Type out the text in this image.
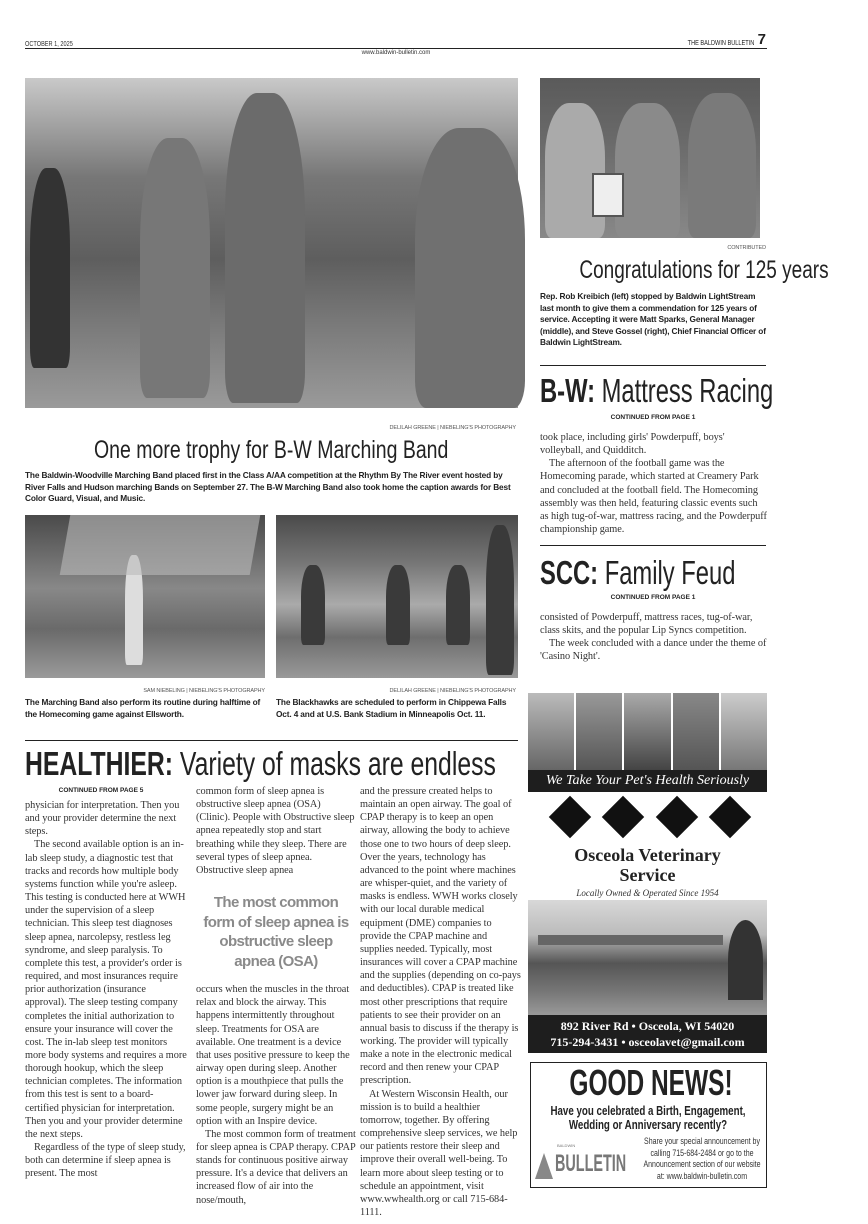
OCTOBER 1, 2025	THE BALDWIN BULLETIN 7
www.baldwin-bulletin.com
DELILAH GREENE | NIEBELING'S PHOTOGRAPHY
One more trophy for B-W Marching Band
The Baldwin-Woodville Marching Band placed first in the Class A/AA competition at the Rhythm By The River event hosted by River Falls and Hudson marching Bands on September 27. The B-W Marching Band also took home the caption awards for Best Color Guard, Visual, and Music.
SAM NIEBELING | NIEBELING'S PHOTOGRAPHY
The Marching Band also perform its routine during halftime of the Homecoming game against Ellsworth.
DELILAH GREENE | NIEBELING'S PHOTOGRAPHY
The Blackhawks are scheduled to perform in Chippewa Falls Oct. 4 and at U.S. Bank Stadium in Minneapolis Oct. 11.
CONTRIBUTED
Congratulations for 125 years
Rep. Rob Kreibich (left) stopped by Baldwin LightStream last month to give them a commendation for 125 years of service. Accepting it were Matt Sparks, General Manager (middle), and Steve Gossel (right), Chief Financial Officer of Baldwin LightStream.
B-W: Mattress Racing
CONTINUED FROM PAGE 1

took place, including girls' Powderpuff, boys' volleyball, and Quidditch.

The afternoon of the football game was the Homecoming parade, which started at Creamery Park and concluded at the football field. The Homecoming assembly was then held, featuring classic events such as high tug-of-war, mattress racing, and the Powderpuff championship game.

SCC: Family Feud
CONTINUED FROM PAGE 1

consisted of Powderpuff, mattress races, tug-of-war, class skits, and the popular Lip Syncs competition.

The week concluded with a dance under the theme of 'Casino Night'.

We Take Your Pet's Health Seriously
Osceola Veterinary
Service
Locally Owned & Operated Since 1954
892 River Rd • Osceola, WI 54020
715-294-3431 • osceolavet@gmail.com
GOOD NEWS!
Have you celebrated a Birth, Engagement, Wedding or Anniversary recently?
BALDWIN
BULLETIN
Share your special announcement by calling 715-684-2484 or go to the Announcement section of our website at: www.baldwin-bulletin.com
HEALTHIER: Variety of masks are endless
CONTINUED FROM PAGE 5

physician for interpretation. Then you and your provider determine the next steps.

The second available option is an in-lab sleep study, a diagnostic test that tracks and records how multiple body systems function while you're asleep. This testing is conducted here at WWH under the supervision of a sleep technician. This sleep test diagnoses sleep apnea, narcolepsy, restless leg syndrome, and sleep paralysis. To complete this test, a provider's order is required, and most insurances require prior authorization (insurance approval). The sleep testing company completes the initial authorization to ensure your insurance will cover the cost. The in-lab sleep test monitors more body systems and requires a more thorough hookup, which the sleep technician completes. The information from this test is sent to a board-certified physician for interpretation. Then you and your provider determine the next steps.

Regardless of the type of sleep study, both can determine if sleep apnea is present. The most

common form of sleep apnea is obstructive sleep apnea (OSA) (Clinic). People with Obstructive sleep apnea repeatedly stop and start breathing while they sleep. There are several types of sleep apnea. Obstructive sleep apnea

The most common form of sleep apnea is obstructive sleep apnea (OSA)

occurs when the muscles in the throat relax and block the airway. This happens intermittently throughout sleep. Treatments for OSA are available. One treatment is a device that uses positive pressure to keep the airway open during sleep. Another option is a mouthpiece that pulls the lower jaw forward during sleep. In some people, surgery might be an option with an Inspire device.

The most common form of treatment for sleep apnea is CPAP therapy. CPAP stands for continuous positive airway pressure. It's a device that delivers an increased flow of air into the nose/mouth,

and the pressure created helps to maintain an open airway. The goal of CPAP therapy is to keep an open airway, allowing the body to achieve those one to two hours of deep sleep. Over the years, technology has advanced to the point where machines are whisper-quiet, and the variety of masks is endless. WWH works closely with our local durable medical equipment (DME) companies to provide the CPAP machine and supplies needed. Typically, most insurances will cover a CPAP machine and the supplies (depending on co-pays and deductibles). CPAP is treated like most other prescriptions that require patients to see their provider on an annual basis to discuss if the therapy is working. The provider will typically make a note in the electronic medical record and then renew your CPAP prescription.

At Western Wisconsin Health, our mission is to build a healthier tomorrow, together. By offering comprehensive sleep services, we help our patients restore their sleep and improve their overall well-being. To learn more about sleep testing or to schedule an appointment, visit www.wwhealth.org or call 715-684-1111.
